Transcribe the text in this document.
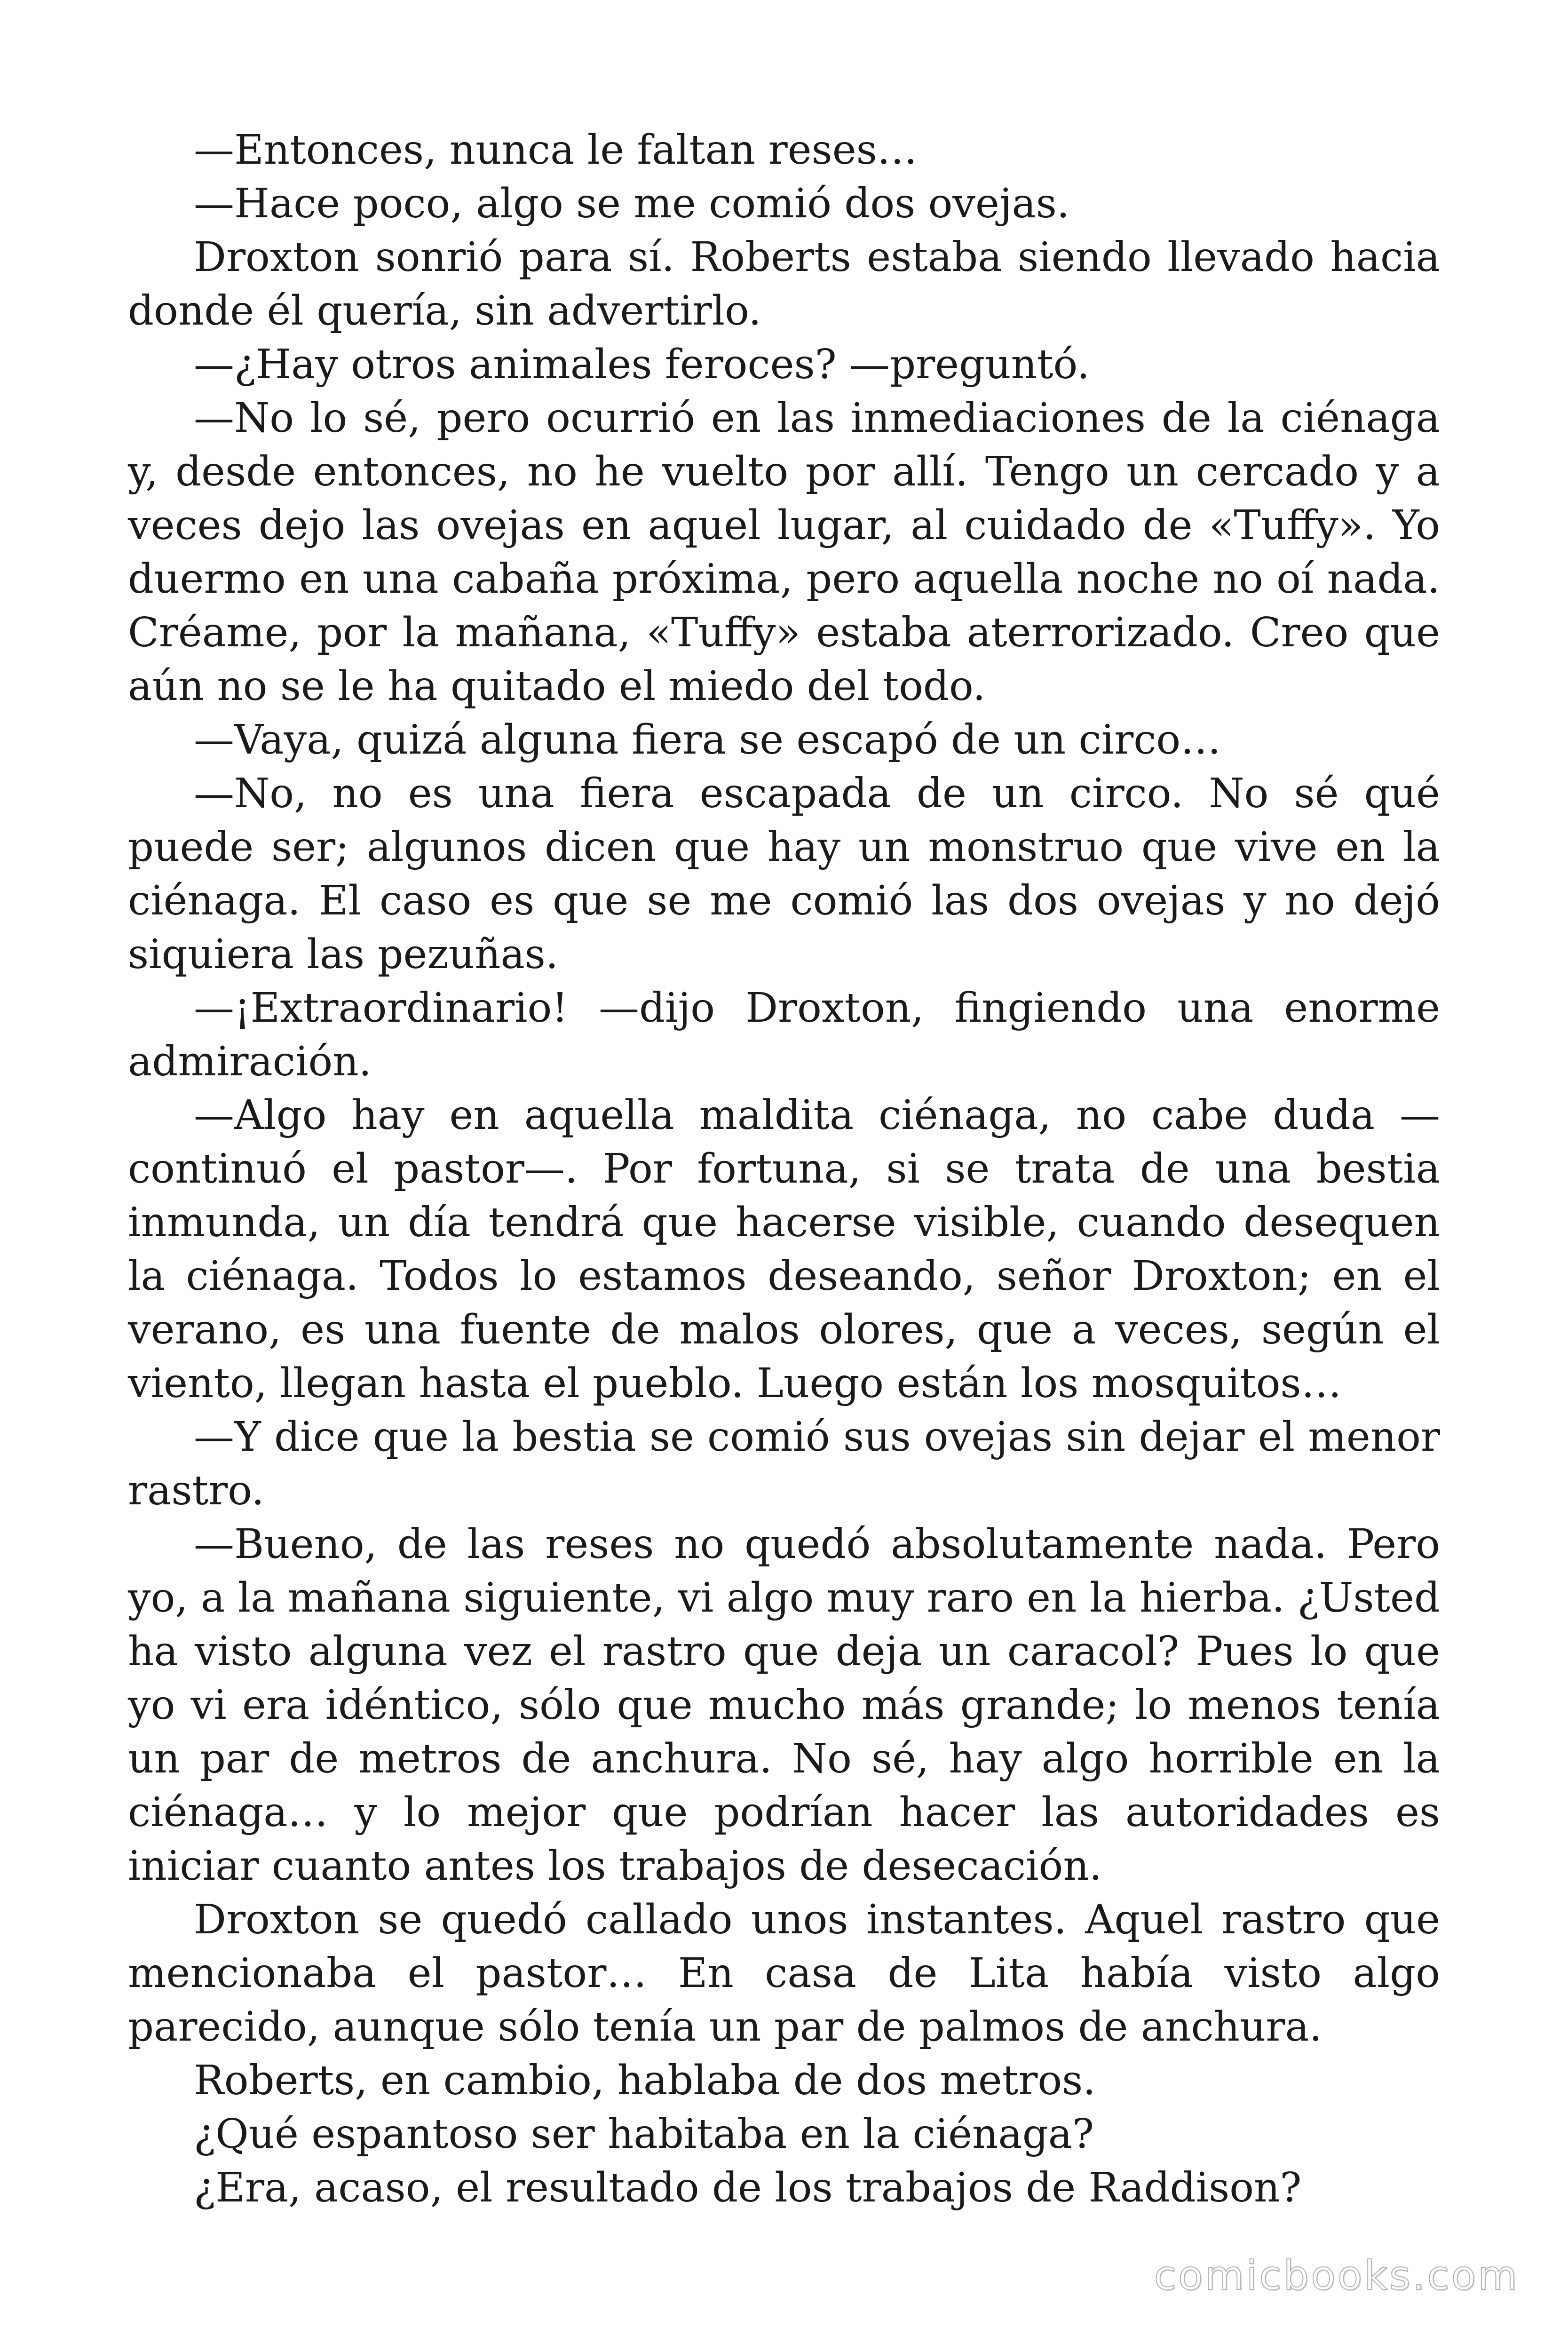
—Entonces, nunca le faltan reses…

—Hace poco, algo se me comió dos ovejas.

Droxton sonrió para sí. Roberts estaba siendo llevado hacia donde él quería, sin advertirlo.

—¿Hay otros animales feroces? —preguntó.

—No lo sé, pero ocurrió en las inmediaciones de la ciénaga y, desde entonces, no he vuelto por allí. Tengo un cercado y a veces dejo las ovejas en aquel lugar, al cuidado de «Tuffy». Yo duermo en una cabaña próxima, pero aquella noche no oí nada. Créame, por la mañana, «Tuffy» estaba aterrorizado. Creo que aún no se le ha quitado el miedo del todo.

—Vaya, quizá alguna fiera se escapó de un circo…

—No, no es una fiera escapada de un circo. No sé qué puede ser; algunos dicen que hay un monstruo que vive en la ciénaga. El caso es que se me comió las dos ovejas y no dejó siquiera las pezuñas.

—¡Extraordinario! —dijo Droxton, fingiendo una enorme admiración.

—Algo hay en aquella maldita ciénaga, no cabe duda —continuó el pastor—. Por fortuna, si se trata de una bestia inmunda, un día tendrá que hacerse visible, cuando desequen la ciénaga. Todos lo estamos deseando, señor Droxton; en el verano, es una fuente de malos olores, que a veces, según el viento, llegan hasta el pueblo. Luego están los mosquitos…

—Y dice que la bestia se comió sus ovejas sin dejar el menor rastro.

—Bueno, de las reses no quedó absolutamente nada. Pero yo, a la mañana siguiente, vi algo muy raro en la hierba. ¿Usted ha visto alguna vez el rastro que deja un caracol? Pues lo que yo vi era idéntico, sólo que mucho más grande; lo menos tenía un par de metros de anchura. No sé, hay algo horrible en la ciénaga… y lo mejor que podrían hacer las autoridades es iniciar cuanto antes los trabajos de desecación.

Droxton se quedó callado unos instantes. Aquel rastro que mencionaba el pastor… En casa de Lita había visto algo parecido, aunque sólo tenía un par de palmos de anchura.

Roberts, en cambio, hablaba de dos metros.

¿Qué espantoso ser habitaba en la ciénaga?

¿Era, acaso, el resultado de los trabajos de Raddison?

comicbooks.com
